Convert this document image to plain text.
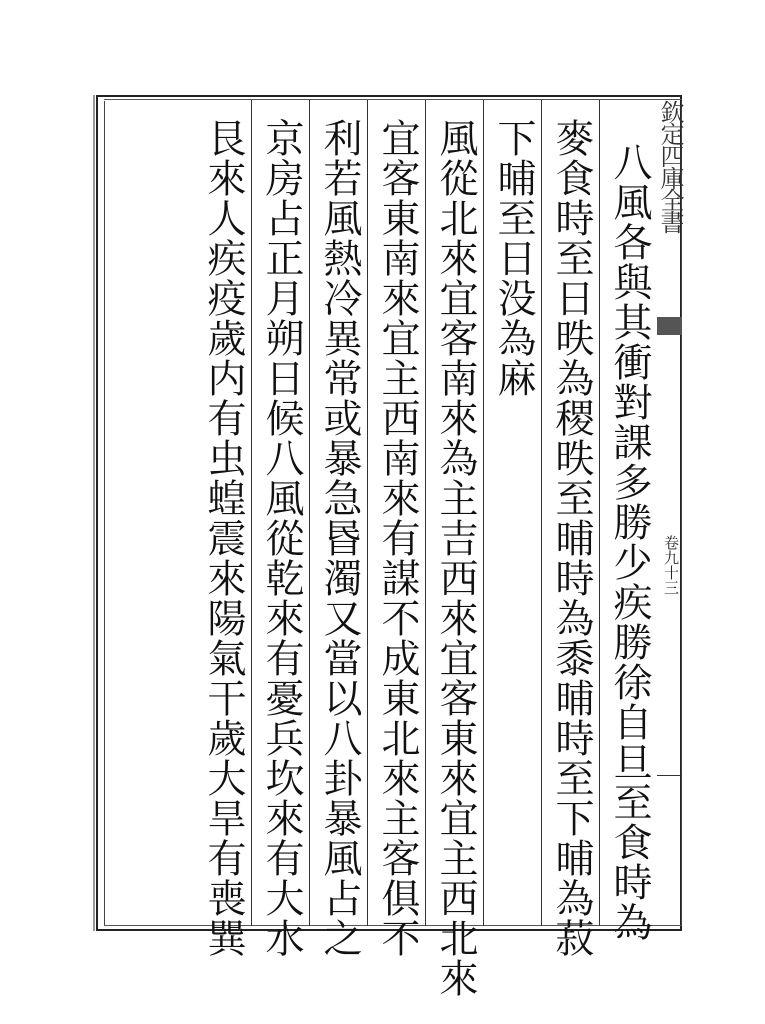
欽定四庫全書
卷九十三
八風各與其衝對課多勝少疾勝徐自旦至食時為
麥食時至日昳為稷昳至晡時為黍晡時至下晡為菽
下晡至日没為麻
風從北來宜客南來為主吉西來宜客東來宜主西北來
宜客東南來宜主西南來有謀不成東北來主客俱不
利若風熱冷異常或暴急昬濁又當以八卦暴風占之
京房占正月朔日候八風從乾來有憂兵坎來有大水
艮來人疾疫歲内有虫蝗震來陽氣干歲大旱有喪巽
